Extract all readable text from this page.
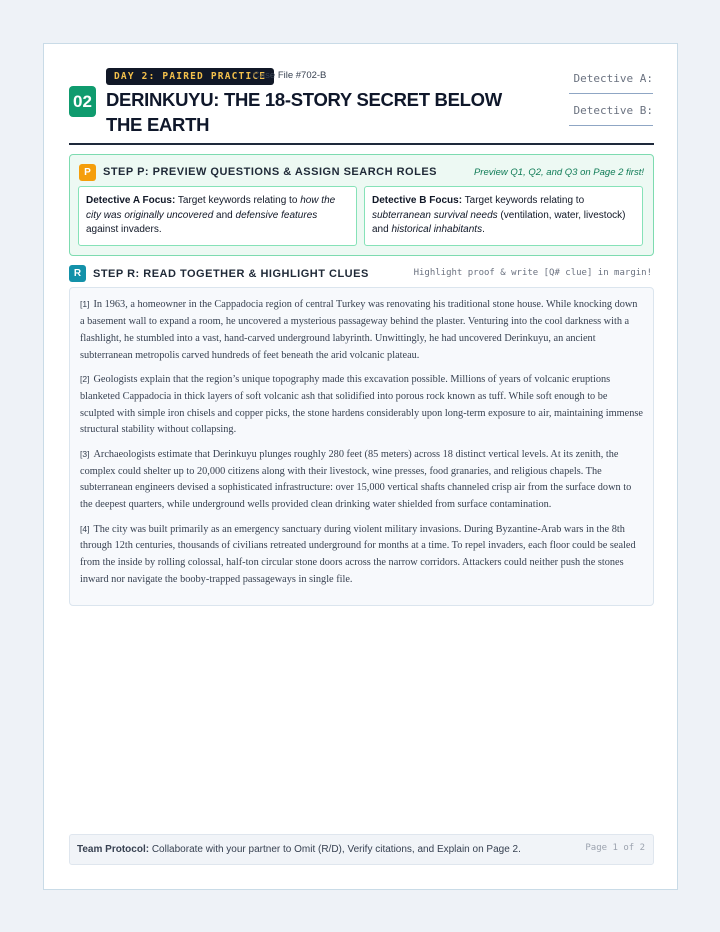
02
DAY 2: PAIRED PRACTICE
Case File #702-B
DERINKUYU: THE 18-STORY SECRET BELOW THE EARTH
Detective A:
Detective B:
P	STEP P: PREVIEW QUESTIONS & ASSIGN SEARCH ROLES	Preview Q1, Q2, and Q3 on Page 2 first!
Detective A Focus: Target keywords relating to how the city was originally uncovered and defensive features against invaders.
Detective B Focus: Target keywords relating to subterranean survival needs (ventilation, water, livestock) and historical inhabitants.
R	STEP R: READ TOGETHER & HIGHLIGHT CLUES	Highlight proof & write [Q# clue] in margin!

[1] In 1963, a homeowner in the Cappadocia region of central Turkey was renovating his traditional stone house. While knocking down a basement wall to expand a room, he uncovered a mysterious passageway behind the plaster. Venturing into the cool darkness with a flashlight, he stumbled into a vast, hand-carved underground labyrinth. Unwittingly, he had uncovered Derinkuyu, an ancient subterranean metropolis carved hundreds of feet beneath the arid volcanic plateau.

[2] Geologists explain that the region’s unique topography made this excavation possible. Millions of years of volcanic eruptions blanketed Cappadocia in thick layers of soft volcanic ash that solidified into porous rock known as tuff. While soft enough to be sculpted with simple iron chisels and copper picks, the stone hardens considerably upon long-term exposure to air, maintaining immense structural stability without collapsing.

[3] Archaeologists estimate that Derinkuyu plunges roughly 280 feet (85 meters) across 18 distinct vertical levels. At its zenith, the complex could shelter up to 20,000 citizens along with their livestock, wine presses, food granaries, and religious chapels. The subterranean engineers devised a sophisticated infrastructure: over 15,000 vertical shafts channeled crisp air from the surface down to the deepest quarters, while underground wells provided clean drinking water shielded from surface contamination.

[4] The city was built primarily as an emergency sanctuary during violent military invasions. During Byzantine-Arab wars in the 8th through 12th centuries, thousands of civilians retreated underground for months at a time. To repel invaders, each floor could be sealed from the inside by rolling colossal, half-ton circular stone doors across the narrow corridors. Attackers could neither push the stones inward nor navigate the booby-trapped passageways in single file.

Team Protocol: Collaborate with your partner to Omit (R/D), Verify citations, and Explain on Page 2.	Page 1 of 2
